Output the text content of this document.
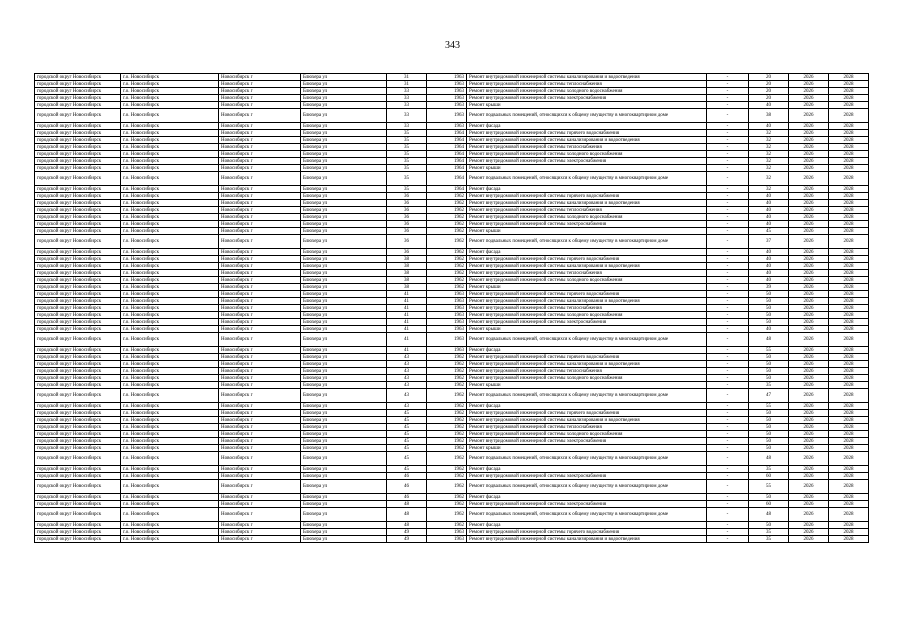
343
городской округ Новосибирск	г.о. Новосибирск	Новосибирск г	Блюхера ул	31	1963	Ремонт внутридомовой инженерной системы канализирования и водоотведения	-	20	2026	2028
городской округ Новосибирск	г.о. Новосибирск	Новосибирск г	Блюхера ул	31	1963	Ремонт внутридомовой инженерной системы теплоснабжения	-	20	2026	2028
городской округ Новосибирск	г.о. Новосибирск	Новосибирск г	Блюхера ул	33	1963	Ремонт внутридомовой инженерной системы холодного водоснабжения	-	20	2026	2028
городской округ Новосибирск	г.о. Новосибирск	Новосибирск г	Блюхера ул	33	1963	Ремонт внутридомовой инженерной системы электроснабжения	-	20	2026	2028
городской округ Новосибирск	г.о. Новосибирск	Новосибирск г	Блюхера ул	33	1963	Ремонт крыши	-	40	2026	2028
городской округ Новосибирск	г.о. Новосибирск	Новосибирск г	Блюхера ул	33	1963	Ремонт подвальных помещений, относящихся к общему имуществу в многоквартирном доме	-	38	2026	2028
городской округ Новосибирск	г.о. Новосибирск	Новосибирск г	Блюхера ул	33	1963	Ремонт фасада	-	40	2026	2028
городской округ Новосибирск	г.о. Новосибирск	Новосибирск г	Блюхера ул	35	1964	Ремонт внутридомовой инженерной системы горячего водоснабжения	-	32	2026	2028
городской округ Новосибирск	г.о. Новосибирск	Новосибирск г	Блюхера ул	35	1964	Ремонт внутридомовой инженерной системы канализирования и водоотведения	-	32	2026	2028
городской округ Новосибирск	г.о. Новосибирск	Новосибирск г	Блюхера ул	35	1964	Ремонт внутридомовой инженерной системы теплоснабжения	-	32	2026	2028
городской округ Новосибирск	г.о. Новосибирск	Новосибирск г	Блюхера ул	35	1964	Ремонт внутридомовой инженерной системы холодного водоснабжения	-	32	2026	2028
городской округ Новосибирск	г.о. Новосибирск	Новосибирск г	Блюхера ул	35	1964	Ремонт внутридомовой инженерной системы электроснабжения	-	32	2026	2028
городской округ Новосибирск	г.о. Новосибирск	Новосибирск г	Блюхера ул	35	1964	Ремонт крыши	-	32	2026	2028
городской округ Новосибирск	г.о. Новосибирск	Новосибирск г	Блюхера ул	35	1964	Ремонт подвальных помещений, относящихся к общему имуществу в многоквартирном доме	-	32	2026	2028
городской округ Новосибирск	г.о. Новосибирск	Новосибирск г	Блюхера ул	35	1964	Ремонт фасада	-	32	2026	2028
городской округ Новосибирск	г.о. Новосибирск	Новосибирск г	Блюхера ул	36	1962	Ремонт внутридомовой инженерной системы горячего водоснабжения	-	40	2026	2028
городской округ Новосибирск	г.о. Новосибирск	Новосибирск г	Блюхера ул	36	1962	Ремонт внутридомовой инженерной системы канализирования и водоотведения	-	40	2026	2028
городской округ Новосибирск	г.о. Новосибирск	Новосибирск г	Блюхера ул	36	1962	Ремонт внутридомовой инженерной системы теплоснабжения	-	40	2026	2028
городской округ Новосибирск	г.о. Новосибирск	Новосибирск г	Блюхера ул	36	1962	Ремонт внутридомовой инженерной системы холодного водоснабжения	-	40	2026	2028
городской округ Новосибирск	г.о. Новосибирск	Новосибирск г	Блюхера ул	36	1962	Ремонт внутридомовой инженерной системы электроснабжения	-	40	2026	2028
городской округ Новосибирск	г.о. Новосибирск	Новосибирск г	Блюхера ул	36	1962	Ремонт крыши	-	45	2026	2028
городской округ Новосибирск	г.о. Новосибирск	Новосибирск г	Блюхера ул	36	1962	Ремонт подвальных помещений, относящихся к общему имуществу в многоквартирном доме	-	37	2026	2028
городской округ Новосибирск	г.о. Новосибирск	Новосибирск г	Блюхера ул	36	1962	Ремонт фасада	-	40	2026	2028
городской округ Новосибирск	г.о. Новосибирск	Новосибирск г	Блюхера ул	38	1962	Ремонт внутридомовой инженерной системы горячего водоснабжения	-	40	2026	2028
городской округ Новосибирск	г.о. Новосибирск	Новосибирск г	Блюхера ул	38	1962	Ремонт внутридомовой инженерной системы канализирования и водоотведения	-	40	2026	2028
городской округ Новосибирск	г.о. Новосибирск	Новосибирск г	Блюхера ул	38	1962	Ремонт внутридомовой инженерной системы теплоснабжения	-	40	2026	2028
городской округ Новосибирск	г.о. Новосибирск	Новосибирск г	Блюхера ул	38	1962	Ремонт внутридомовой инженерной системы холодного водоснабжения	-	40	2026	2028
городской округ Новосибирск	г.о. Новосибирск	Новосибирск г	Блюхера ул	38	1962	Ремонт крыши	-	39	2026	2028
городской округ Новосибирск	г.о. Новосибирск	Новосибирск г	Блюхера ул	41	1963	Ремонт внутридомовой инженерной системы горячего водоснабжения	-	50	2026	2028
городской округ Новосибирск	г.о. Новосибирск	Новосибирск г	Блюхера ул	41	1963	Ремонт внутридомовой инженерной системы канализирования и водоотведения	-	50	2026	2028
городской округ Новосибирск	г.о. Новосибирск	Новосибирск г	Блюхера ул	41	1963	Ремонт внутридомовой инженерной системы теплоснабжения	-	50	2026	2028
городской округ Новосибирск	г.о. Новосибирск	Новосибирск г	Блюхера ул	41	1963	Ремонт внутридомовой инженерной системы холодного водоснабжения	-	50	2026	2028
городской округ Новосибирск	г.о. Новосибирск	Новосибирск г	Блюхера ул	41	1963	Ремонт внутридомовой инженерной системы электроснабжения	-	50	2026	2028
городской округ Новосибирск	г.о. Новосибирск	Новосибирск г	Блюхера ул	41	1963	Ремонт крыши	-	40	2026	2028
городской округ Новосибирск	г.о. Новосибирск	Новосибирск г	Блюхера ул	41	1963	Ремонт подвальных помещений, относящихся к общему имуществу в многоквартирном доме	-	48	2026	2028
городской округ Новосибирск	г.о. Новосибирск	Новосибирск г	Блюхера ул	41	1963	Ремонт фасада	-	55	2026	2028
городской округ Новосибирск	г.о. Новосибирск	Новосибирск г	Блюхера ул	43	1962	Ремонт внутридомовой инженерной системы горячего водоснабжения	-	50	2026	2028
городской округ Новосибирск	г.о. Новосибирск	Новосибирск г	Блюхера ул	43	1962	Ремонт внутридомовой инженерной системы канализирования и водоотведения	-	50	2026	2028
городской округ Новосибирск	г.о. Новосибирск	Новосибирск г	Блюхера ул	43	1962	Ремонт внутридомовой инженерной системы теплоснабжения	-	50	2026	2028
городской округ Новосибирск	г.о. Новосибирск	Новосибирск г	Блюхера ул	43	1962	Ремонт внутридомовой инженерной системы холодного водоснабжения	-	50	2026	2028
городской округ Новосибирск	г.о. Новосибирск	Новосибирск г	Блюхера ул	43	1962	Ремонт крыши	-	35	2026	2028
городской округ Новосибирск	г.о. Новосибирск	Новосибирск г	Блюхера ул	43	1962	Ремонт подвальных помещений, относящихся к общему имуществу в многоквартирном доме	-	47	2026	2028
городской округ Новосибирск	г.о. Новосибирск	Новосибирск г	Блюхера ул	43	1962	Ремонт фасада	-	55	2026	2028
городской округ Новосибирск	г.о. Новосибирск	Новосибирск г	Блюхера ул	45	1962	Ремонт внутридомовой инженерной системы горячего водоснабжения	-	50	2026	2028
городской округ Новосибирск	г.о. Новосибирск	Новосибирск г	Блюхера ул	45	1962	Ремонт внутридомовой инженерной системы канализирования и водоотведения	-	50	2026	2028
городской округ Новосибирск	г.о. Новосибирск	Новосибирск г	Блюхера ул	45	1962	Ремонт внутридомовой инженерной системы теплоснабжения	-	50	2026	2028
городской округ Новосибирск	г.о. Новосибирск	Новосибирск г	Блюхера ул	45	1962	Ремонт внутридомовой инженерной системы холодного водоснабжения	-	50	2026	2028
городской округ Новосибирск	г.о. Новосибирск	Новосибирск г	Блюхера ул	45	1962	Ремонт внутридомовой инженерной системы электроснабжения	-	50	2026	2028
городской округ Новосибирск	г.о. Новосибирск	Новосибирск г	Блюхера ул	45	1962	Ремонт крыши	-	50	2026	2028
городской округ Новосибирск	г.о. Новосибирск	Новосибирск г	Блюхера ул	45	1962	Ремонт подвальных помещений, относящихся к общему имуществу в многоквартирном доме	-	48	2026	2028
городской округ Новосибирск	г.о. Новосибирск	Новосибирск г	Блюхера ул	45	1962	Ремонт фасада	-	35	2026	2028
городской округ Новосибирск	г.о. Новосибирск	Новосибирск г	Блюхера ул	46	1962	Ремонт внутридомовой инженерной системы электроснабжения	-	60	2026	2028
городской округ Новосибирск	г.о. Новосибирск	Новосибирск г	Блюхера ул	46	1962	Ремонт подвальных помещений, относящихся к общему имуществу в многоквартирном доме	-	55	2026	2028
городской округ Новосибирск	г.о. Новосибирск	Новосибирск г	Блюхера ул	46	1962	Ремонт фасада	-	50	2026	2028
городской округ Новосибирск	г.о. Новосибирск	Новосибирск г	Блюхера ул	48	1962	Ремонт внутридомовой инженерной системы электроснабжения	-	60	2026	2028
городской округ Новосибирск	г.о. Новосибирск	Новосибирск г	Блюхера ул	48	1962	Ремонт подвальных помещений, относящихся к общему имуществу в многоквартирном доме	-	48	2026	2028
городской округ Новосибирск	г.о. Новосибирск	Новосибирск г	Блюхера ул	48	1962	Ремонт фасада	-	50	2026	2028
городской округ Новосибирск	г.о. Новосибирск	Новосибирск г	Блюхера ул	49	1963	Ремонт внутридомовой инженерной системы горячего водоснабжения	-	35	2026	2028
городской округ Новосибирск	г.о. Новосибирск	Новосибирск г	Блюхера ул	49	1963	Ремонт внутридомовой инженерной системы канализирования и водоотведения	-	35	2026	2028
